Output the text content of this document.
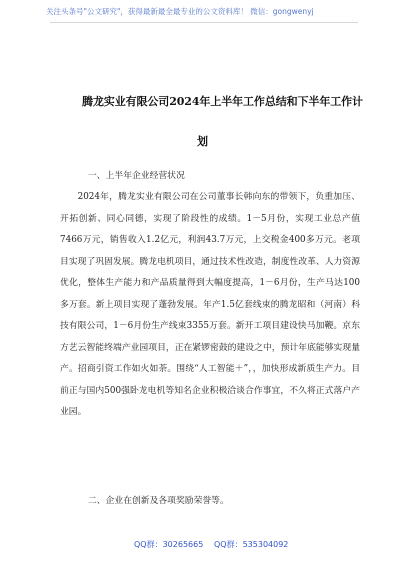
关注头条号"公文研究"，获得最新最全最专业的公文资料库！ 微信：gongwenyj
腾龙实业有限公司2024年上半年工作总结和下半年工作计
划
一、上半年企业经营状况

2024年，腾龙实业有限公司在公司董事长韩向东的带领下，负重加压、开拓创新、同心同德，实现了阶段性的成绩。1－5月份，实现工业总产值7466万元，销售收入1.2亿元，利润43.7万元，上交税金400多万元。老项目实现了巩固发展。腾龙电机项目，通过技术性改造，制度性改革、人力资源优化，整体生产能力和产品质量得到大幅度提高，1－6月份，生产马达100多万套。新上项目实现了蓬勃发展。年产1.5亿套线束的腾龙昭和（河南）科技有限公司，1－6月份生产线束3355万套。新开工项目建设快马加鞭。京东方艺云智能终端产业园项目，正在紧锣密鼓的建设之中，预计年底能够实现量产。招商引资工作如火如荼。围绕“人工智能＋”，，加快形成新质生产力。目前正与国内500强卧龙电机等知名企业积极洽谈合作事宜，不久将正式落户产业园。

二、企业在创新及各项奖励荣誉等。
QQ群：30265665 QQ群：535304092
